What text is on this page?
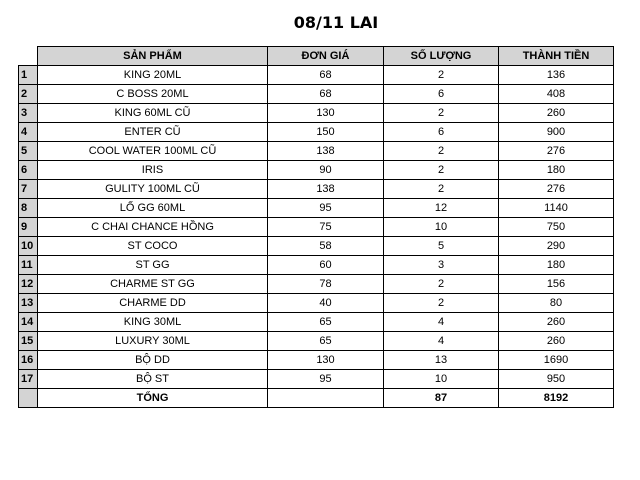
08/11 LAI
	SẢN PHẨM	ĐƠN GIÁ	SỐ LƯỢNG	THÀNH TIỀN
1	KING 20ML	68	2	136
2	C BOSS 20ML	68	6	408
3	KING 60ML CŨ	130	2	260
4	ENTER CŨ	150	6	900
5	COOL WATER 100ML CŨ	138	2	276
6	IRIS	90	2	180
7	GULITY 100ML CŨ	138	2	276
8	LỐ GG 60ML	95	12	1140
9	C CHAI CHANCE HỒNG	75	10	750
10	ST COCO	58	5	290
11	ST GG	60	3	180
12	CHARME ST GG	78	2	156
13	CHARME DD	40	2	80
14	KING 30ML	65	4	260
15	LUXURY 30ML	65	4	260
16	BỘ DD	130	13	1690
17	BỘ ST	95	10	950
	TỔNG		87	8192
